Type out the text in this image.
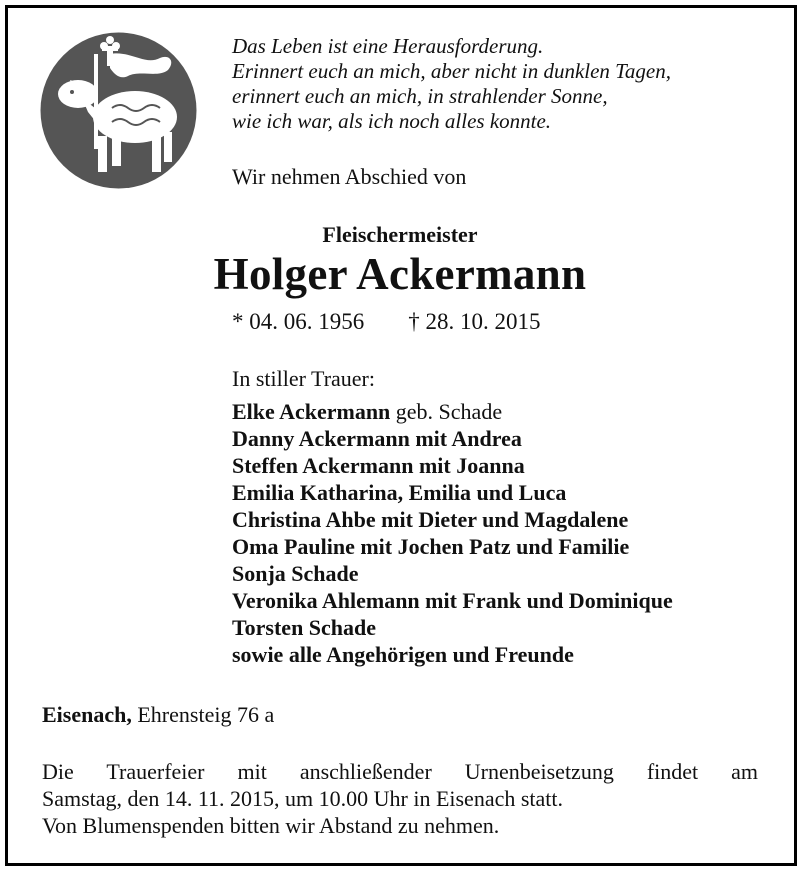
Das Leben ist eine Herausforderung.
Erinnert euch an mich, aber nicht in dunklen Tagen,
erinnert euch an mich, in strahlender Sonne,
wie ich war, als ich noch alles konnte.
Wir nehmen Abschied von
Fleischermeister
Holger Ackermann
* 04. 06. 1956 † 28. 10. 2015
In stiller Trauer:
Elke Ackermann geb. Schade
Danny Ackermann mit Andrea
Steffen Ackermann mit Joanna
Emilia Katharina, Emilia und Luca
Christina Ahbe mit Dieter und Magdalene
Oma Pauline mit Jochen Patz und Familie
Sonja Schade
Veronika Ahlemann mit Frank und Dominique
Torsten Schade
sowie alle Angehörigen und Freunde
Eisenach, Ehrensteig 76 a
Die Trauerfeier mit anschließender Urnenbeisetzung findet am
Samstag, den 14. 11. 2015, um 10.00 Uhr in Eisenach statt.
Von Blumenspenden bitten wir Abstand zu nehmen.
